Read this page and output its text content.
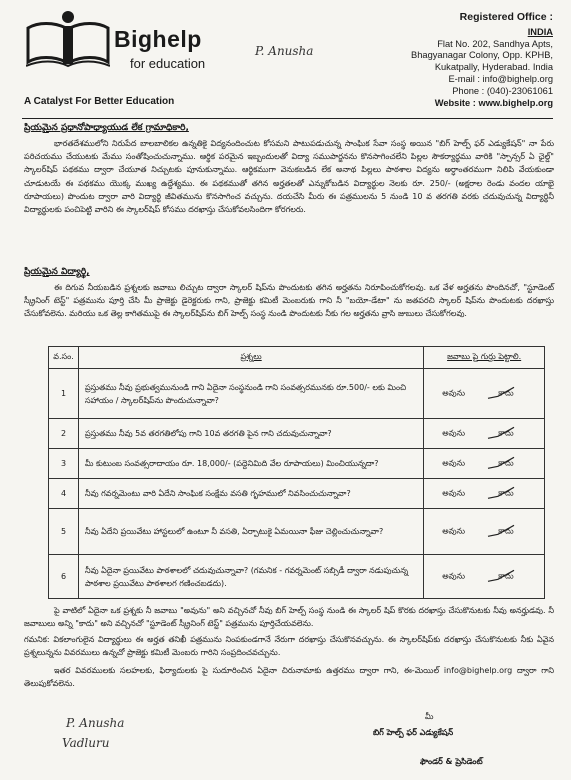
Bighelp
for education
A Catalyst For Better Education
P. Anusha
Registered Office :
INDIA
Flat No. 202, Sandhya Apts,
Bhagyanagar Colony, Opp. KPHB,
Kukatpally, Hyderabad. India
E-mail : info@bighelp.org
Phone : (040)-23061061
Website : www.bighelp.org
ప్రియమైన ప్రధానోపాధ్యాయుడ లేక గ్రామాధికారి,
భారతదేశములోని నిరుపేద బాలబాలికల ఉన్నతికై విద్యనందించుట కోసమని పాటుపడుచున్న సాంఘిక సేవా సంస్థ అయిన "బిగ్ హెల్ప్ ఫర్ ఎడ్యుకేషన్" నా పేరు పరిచయము చేయుటకు మేము సంతోషించుచున్నాము. ఆర్థిక పరమైన ఇబ్బందులతో విద్యా సముపార్జనను కొనసాగించలేని పిల్లల సౌకర్యార్థము వారికి "స్పాన్సర్ ఏ ఛైల్డ్" స్కాలర్‌షిప్ పథకము ద్వారా చేయూత నిచ్చుటకు పూనుకున్నాము. ఆర్థికముగా వెనుకబడిన లేక అనాథ పిల్లలు పాఠశాల విద్యను అర్ధాంతరముగా నిలిపి వేయకుండా చూడుటయే ఈ పథకము యొక్క ముఖ్య ఉద్దేశ్యము. ఈ పథకముతో తగిన అర్హతలతో ఎన్నుకోబడిన విద్యార్థుల నెలకు రూ. 250/- (అక్షరాల రెండు వందల యాభై రూపాయలు) పొందుట ద్వారా వారి విద్యార్థి జీవితమును కొనసాగించ వచ్చును. దయచేసి మీరు ఈ పత్రములను 5 నుండి 10 వ తరగతి వరకు చదువుచున్న విద్యార్థినీ విద్యార్థులకు పంచిపెట్టి వారిని ఈ స్కాలర్‌షిప్ కోసము దరఖాస్తు చేసుకోవలసిందిగా కోరగలరు.
ప్రియమైన విద్యార్థి,
ఈ దిగువ నీయబడిన ప్రశ్నలకు జవాబు లిచ్చుట ద్వారా స్కాలర్ షిప్‌ను పొందుటకు తగిన అర్హతను నిరూపించుకోగలవు. ఒక వేళ అర్హతను పొందినచో, "స్టూడెంట్ స్క్రీనింగ్ టెస్ట్" పత్రమును పూర్తి చేసి మీ ప్రాజెక్టు డైరెక్టరుకు గాని, ప్రాజెక్టు కమిటీ మెంబరుకు గాని నీ "బయో-డేటా" ను జతపరచి స్కాలర్ షిప్‌ను పొందుటకు దరఖాస్తు చేసుకోవలెను. మరియు ఒక తెల్ల కాగితముపై ఈ స్కాలర్‌షిప్‌ను బిగ్ హెల్ప్ సంస్థ నుండి పొందుటకు నీకు గల అర్హతను వ్రాసి జుబులు చేసుకోగలవు.
వ.సం.	ప్రశ్నలు	జవాబు పై గుర్తు పెట్టాలి.
1	ప్రస్తుతము నీవు ప్రభుత్వమునుండి గాని ఏదైనా సంస్థనుండి గాని సంవత్సరమునకు రూ.500/- లకు మించి సహాయం / స్కాలర్‌షిప్‌ను పొందుచున్నావా?	అవును కాదు

2	ప్రస్తుతము నీవు 5వ తరగతిలోపు గాని 10వ తరగతి పైన గాని చదువుచున్నావా?	అవును కాదు

3	మీ కుటుంబ సంవత్సరాదాయం రూ. 18,000/- (పద్దెనిమిది వేల రూపాయలు) మించియున్నదా?	అవును కాదు

4	నీవు గవర్నమెంటు వారి ఏదేని సాంఘిక సంక్షేమ వసతి గృహములో నివసించుచున్నావా?	అవును కాదు

5	నీవు ఏదేని ప్రయివేటు హాస్టలులో ఉంటూ నీ వసతి, ఏర్పాటుకై ఏమయినా ఫీజు చెల్లించుచున్నావా?	అవును కాదు

6	నీవు ఏదైనా ప్రయివేటు పాఠశాలలో చదువుచున్నావా? (గమనిక - గవర్నమెంట్ సబ్సిడీ ద్వారా నడుపుచున్న పాఠశాల ప్రయివేటు పాఠశాలగ గణించబడదు).	అవును కాదు
పై వాటిలో ఏదైనా ఒక ప్రశ్నకు నీ జవాబు "అవును" అని వచ్చినచో నీవు బిగ్ హెల్ప్ సంస్థ నుండి ఈ స్కాలర్ షిప్ కొరకు దరఖాస్తు చేసుకొనుటకు నీవు అనర్హుడవు. నీ జవాబులు అన్ని "కాదు" అని వచ్చినచో "స్టూడెంట్ స్క్రీనింగ్ టెస్ట్" పత్రమును పూర్తిచేయవలెను.
గమనిక: వికలాంగులైన విద్యార్థులు ఈ అర్హత తనిఖీ పత్రమును నింపకుండగానే నేరుగా దరఖాస్తు చేసుకొనవచ్చును. ఈ స్కాలర్‌షిప్‌కు దరఖాస్తు చేసుకొనుటకు నీకు ఏవైన ప్రశ్నలున్నను వివరములు ఉన్నచో ప్రాజెక్టు కమిటీ మెంబరు గారిని సంప్రదించవచ్చును.
ఇతర వివరములకు సలహలకు, ఫిర్యాదులకు పై సుదూరించిన ఏదైనా చిరునామాకు ఉత్తరము ద్వారా గాని, ఈ-మెయిల్ info@bighelp.org ద్వారా గాని తెలుపుకోవలెను.
P. Anusha
Vadluru
మీ
బిగ్ హెల్ప్ ఫర్ ఎడ్యుకేషన్
ఫౌండర్ & ప్రెసిడెంట్
